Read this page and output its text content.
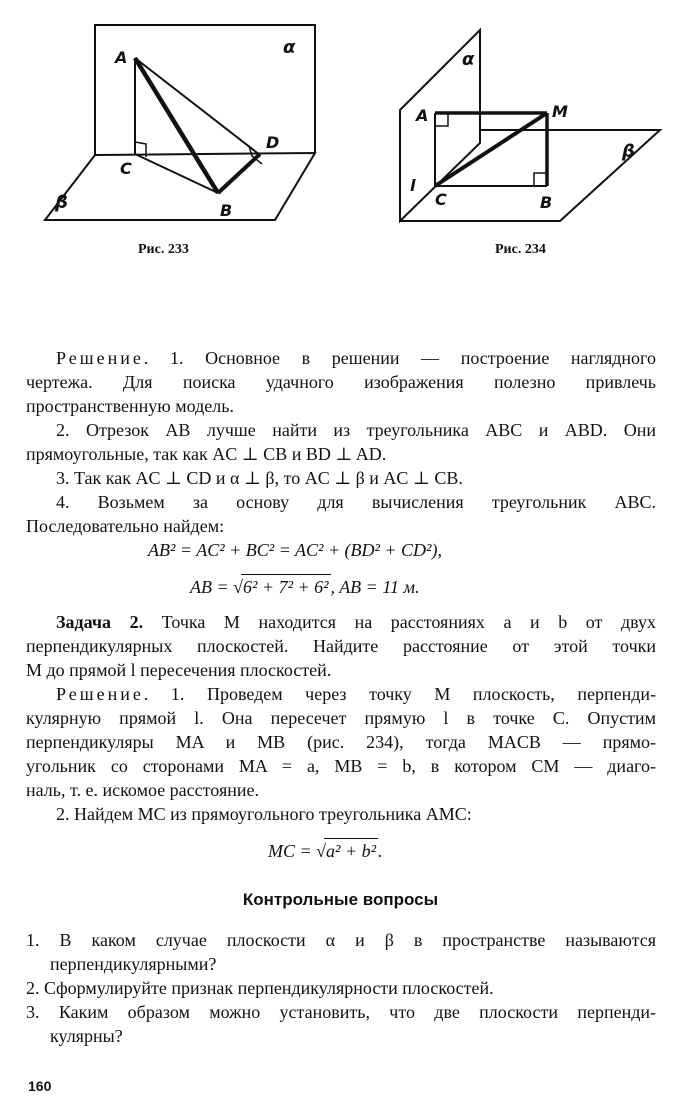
A	α
C
D
B
β
Рис. 233
α
A	M
β
l
C	B
Рис. 234
Решение. 1. Основное в решении — построение наглядного
чертежа. Для поиска удачного изображения полезно привлечь
пространственную модель.
2. Отрезок AB лучше найти из треугольника ABC и ABD. Они
прямоугольные, так как AC ⊥ CB и BD ⊥ AD.
3. Так как AC ⊥ CD и α ⊥ β, то AC ⊥ β и AC ⊥ CB.
4. Возьмем за основу для вычисления треугольник ABC.
Последовательно найдем:
AB² = AC² + BC² = AC² + (BD² + CD²),
AB = √6² + 7² + 6² , AB = 11 м.
Задача 2. Точка M находится на расстояниях a и b от двух
перпендикулярных плоскостей. Найдите расстояние от этой точки
M до прямой l пересечения плоскостей.
Решение. 1. Проведем через точку M плоскость, перпенди-
кулярную прямой l. Она пересечет прямую l в точке C. Опустим
перпендикуляры MA и MB (рис. 234), тогда MACB — прямо-
угольник со сторонами MA = a, MB = b, в котором CM — диаго-
наль, т. е. искомое расстояние.
2. Найдем MC из прямоугольного треугольника AMC:
MC = √a² + b² .
Контрольные вопросы
1. В каком случае плоскости α и β в пространстве называются
перпендикулярными?
2. Сформулируйте признак перпендикулярности плоскостей.
3. Каким образом можно установить, что две плоскости перпенди-
кулярны?
160
